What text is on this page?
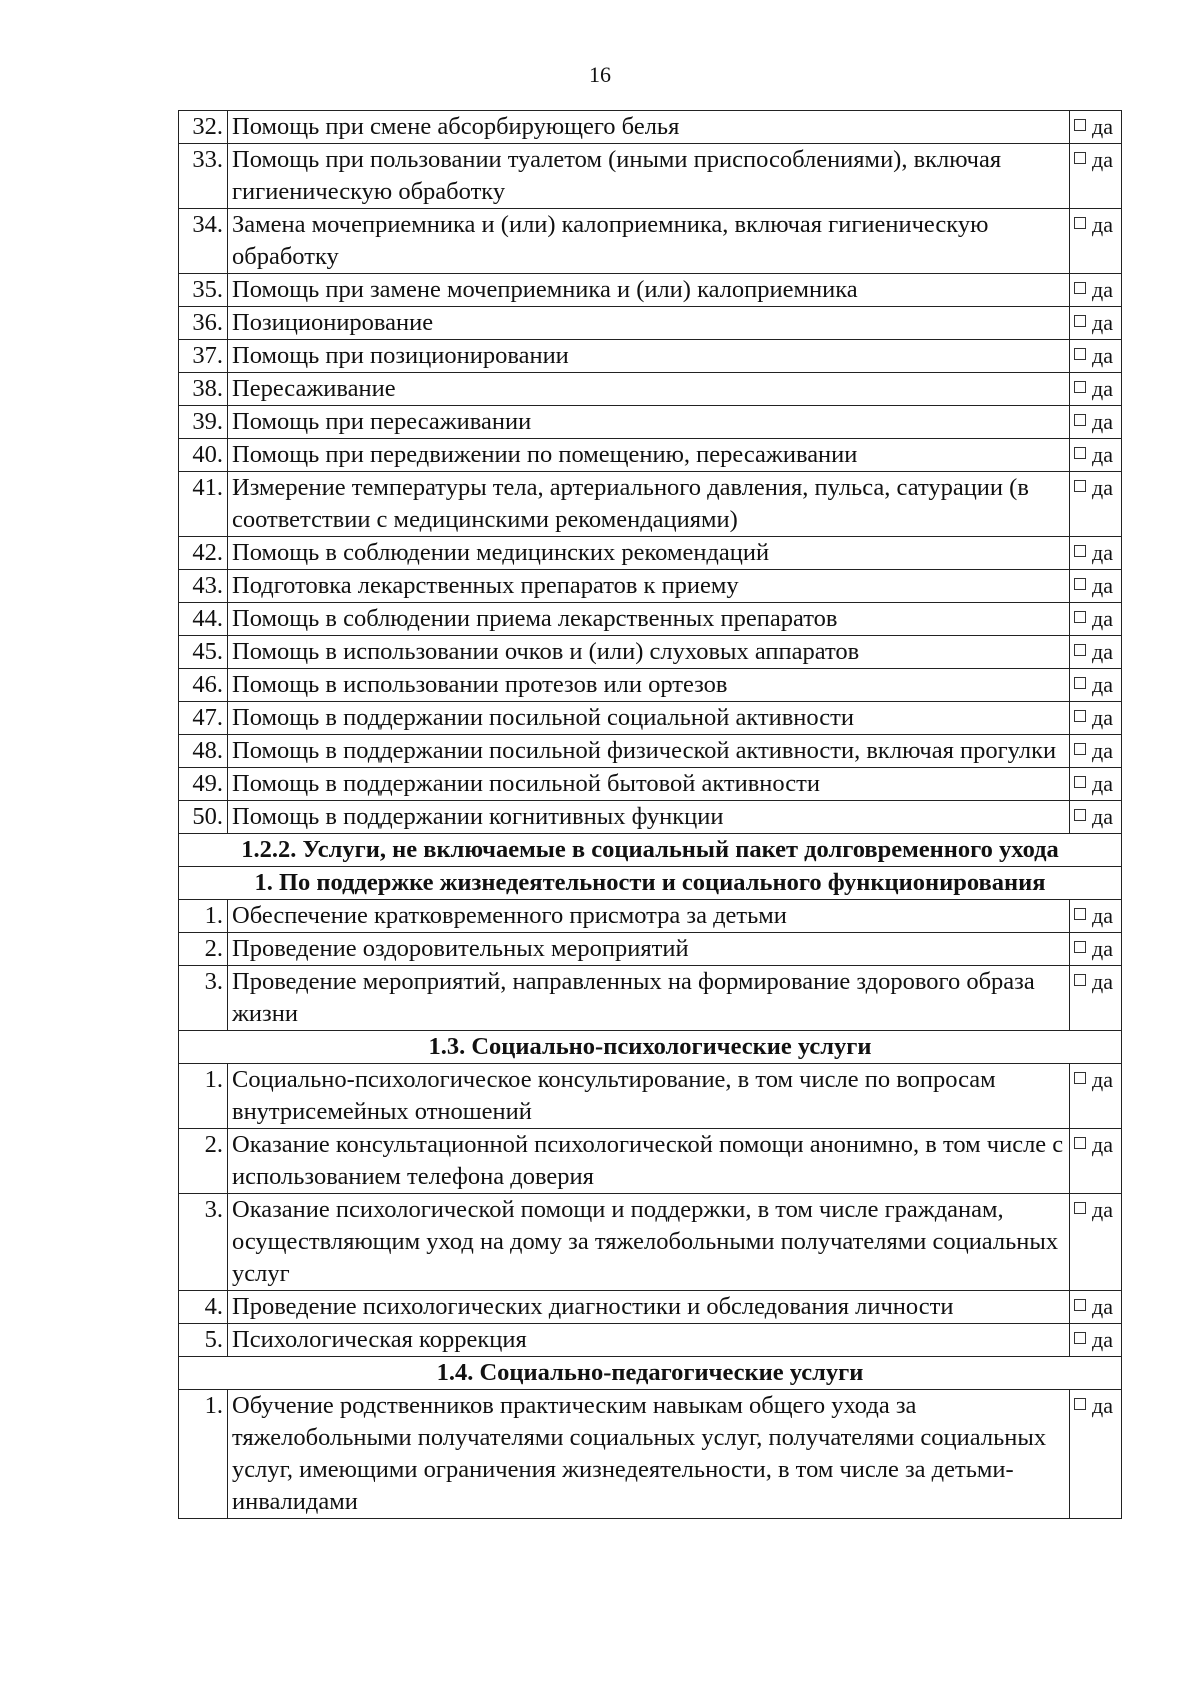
16
32.	Помощь при смене абсорбирующего белья	да
33.	Помощь при пользовании туалетом (иными приспособлениями), включая гигиеническую обработку	да
34.	Замена мочеприемника и (или) калоприемника, включая гигиеническую обработку	да
35.	Помощь при замене мочеприемника и (или) калоприемника	да
36.	Позиционирование	да
37.	Помощь при позиционировании	да
38.	Пересаживание	да
39.	Помощь при пересаживании	да
40.	Помощь при передвижении по помещению, пересаживании	да
41.	Измерение температуры тела, артериального давления, пульса, сатурации (в соответствии с медицинскими рекомендациями)	да
42.	Помощь в соблюдении медицинских рекомендаций	да
43.	Подготовка лекарственных препаратов к приему	да
44.	Помощь в соблюдении приема лекарственных препаратов	да
45.	Помощь в использовании очков и (или) слуховых аппаратов	да
46.	Помощь в использовании протезов или ортезов	да
47.	Помощь в поддержании посильной социальной активности	да
48.	Помощь в поддержании посильной физической активности, включая прогулки	да
49.	Помощь в поддержании посильной бытовой активности	да
50.	Помощь в поддержании когнитивных функции	да
1.2.2. Услуги, не включаемые в социальный пакет долговременного ухода		
1. По поддержке жизнедеятельности и социального функционирования		
1.	Обеспечение кратковременного присмотра за детьми	да
2.	Проведение оздоровительных мероприятий	да
3.	Проведение мероприятий, направленных на формирование здорового образа жизни	да
1.3. Социально-психологические услуги		
1.	Социально-психологическое консультирование, в том числе по вопросам внутрисемейных отношений	да
2.	Оказание консультационной психологической помощи анонимно, в том числе с использованием телефона доверия	да
3.	Оказание психологической помощи и поддержки, в том числе гражданам, осуществляющим уход на дому за тяжелобольными получателями социальных услуг	да
4.	Проведение психологических диагностики и обследования личности	да
5.	Психологическая коррекция	да
1.4. Социально-педагогические услуги		
1.	Обучение родственников практическим навыкам общего ухода за тяжелобольными получателями социальных услуг, получателями социальных услуг, имеющими ограничения жизнедеятельности, в том числе за детьми-инвалидами	да
